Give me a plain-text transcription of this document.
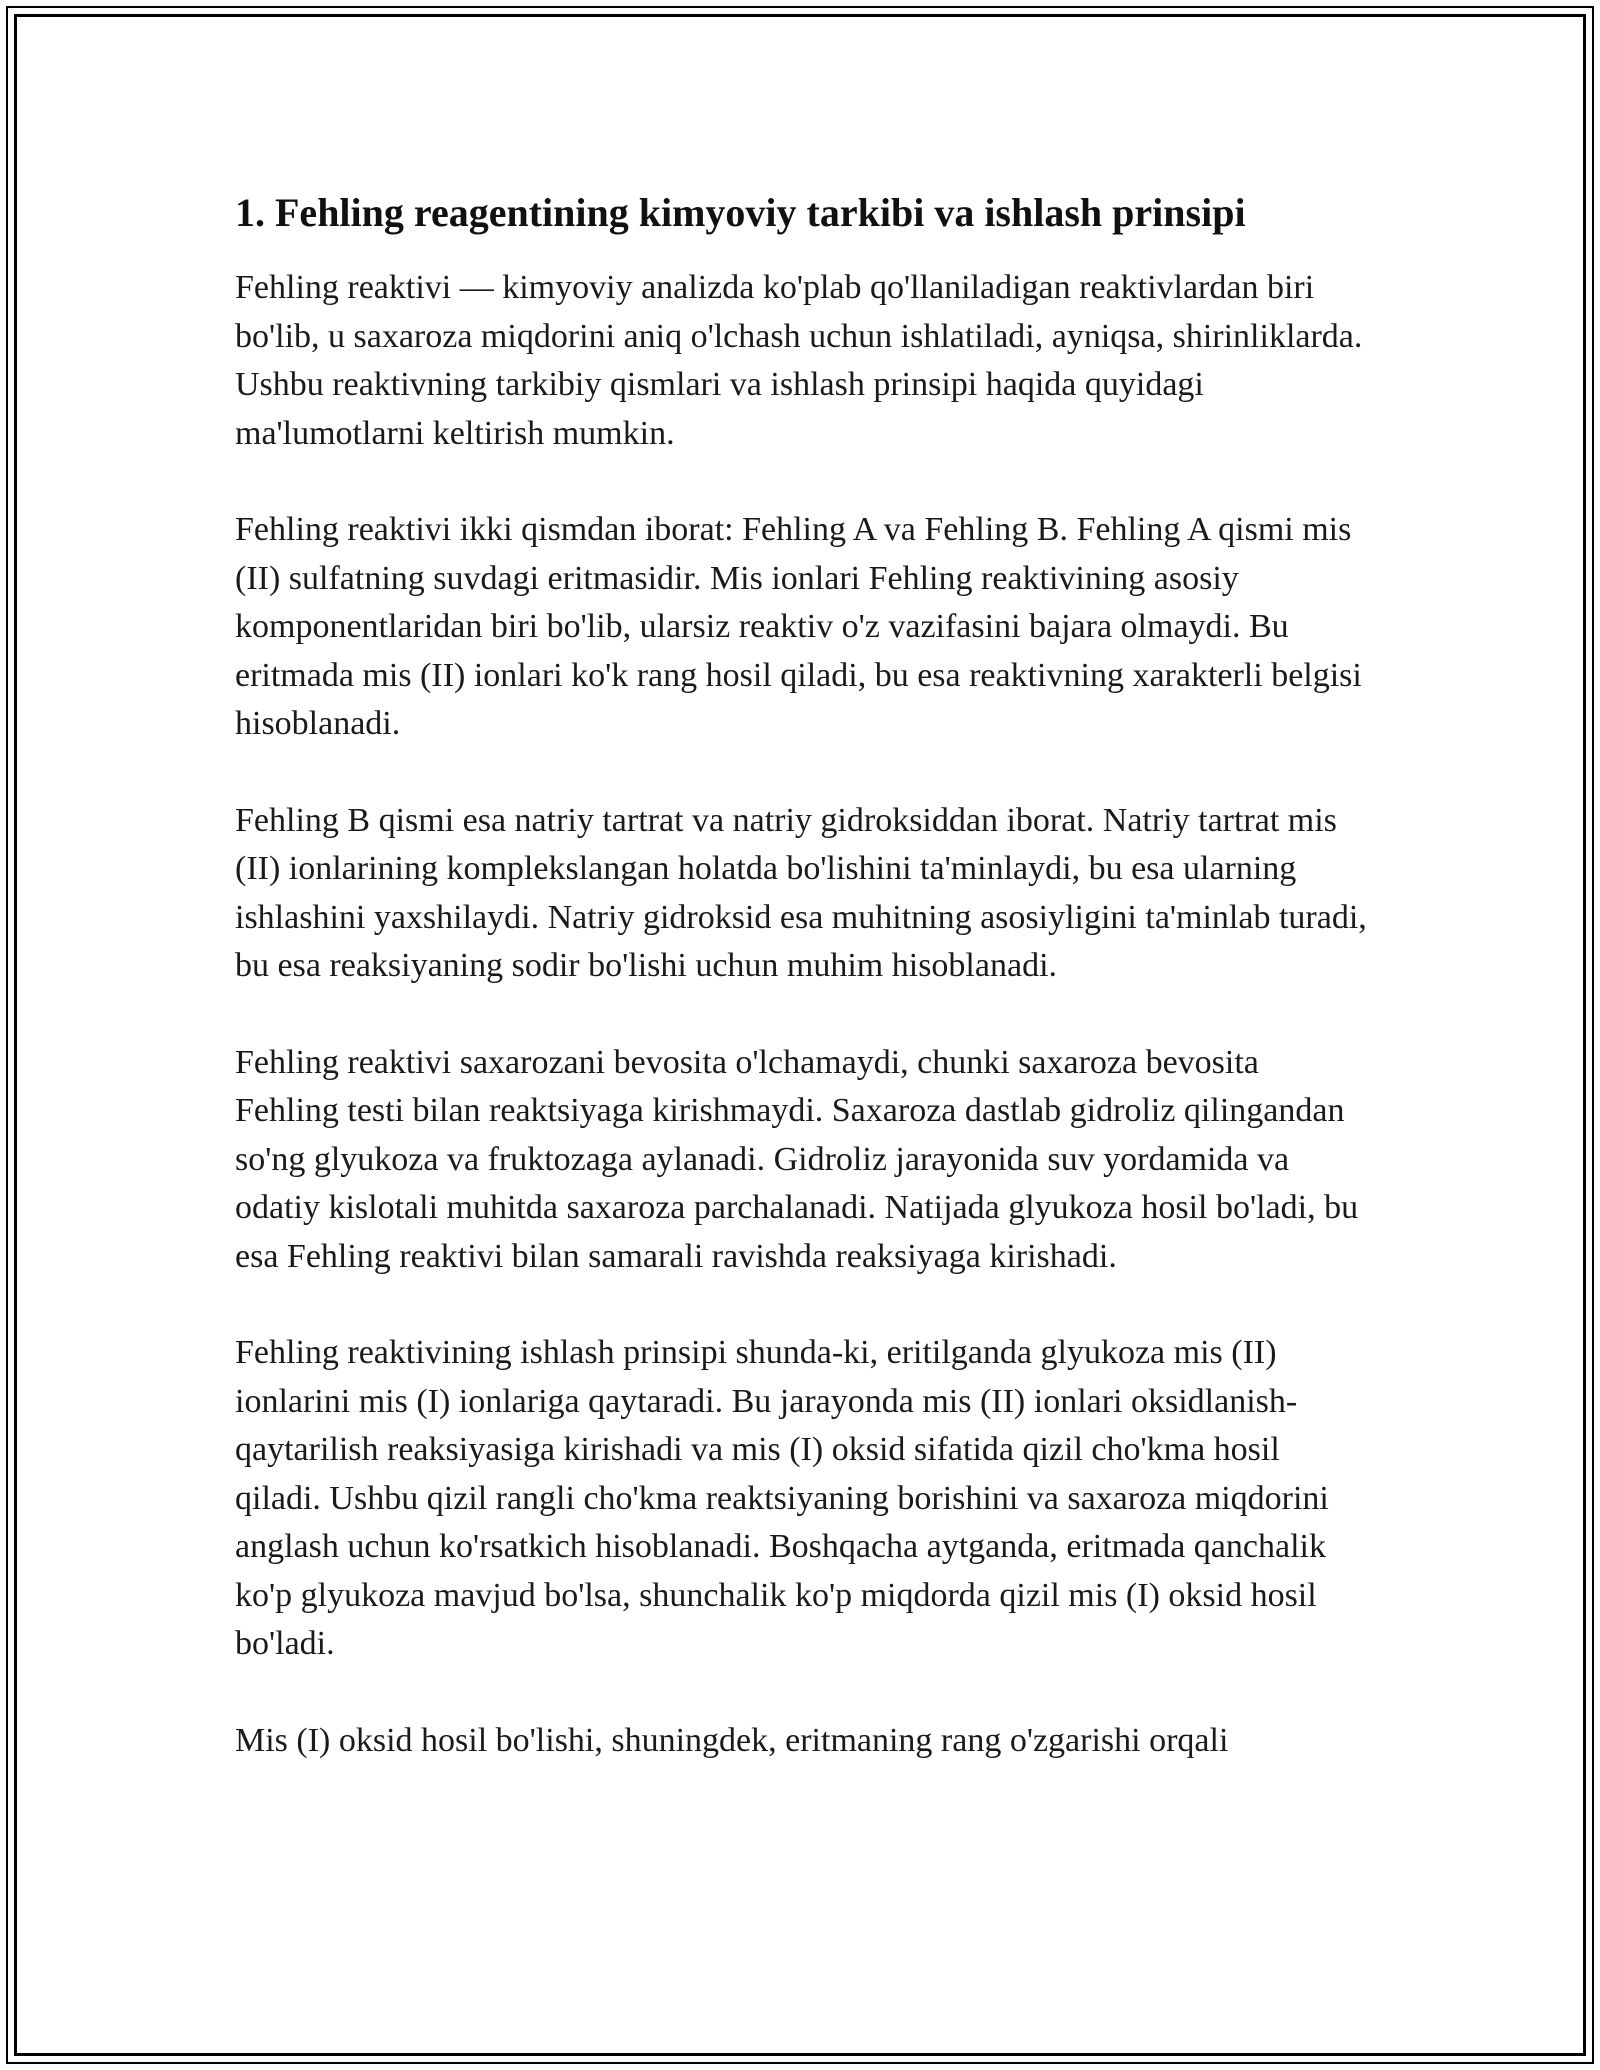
1. Fehling reagentining kimyoviy tarkibi va ishlash prinsipi

Fehling reaktivi — kimyoviy analizda ko'plab qo'llaniladigan reaktivlardan biri bo'lib, u saxaroza miqdorini aniq o'lchash uchun ishlatiladi, ayniqsa, shirinliklarda. Ushbu reaktivning tarkibiy qismlari va ishlash prinsipi haqida quyidagi ma'lumotlarni keltirish mumkin.

Fehling reaktivi ikki qismdan iborat: Fehling A va Fehling B. Fehling A qismi mis (II) sulfatning suvdagi eritmasidir. Mis ionlari Fehling reaktivining asosiy komponentlaridan biri bo'lib, ularsiz reaktiv o'z vazifasini bajara olmaydi. Bu eritmada mis (II) ionlari ko'k rang hosil qiladi, bu esa reaktivning xarakterli belgisi hisoblanadi.

Fehling B qismi esa natriy tartrat va natriy gidroksiddan iborat. Natriy tartrat mis (II) ionlarining komplekslangan holatda bo'lishini ta'minlaydi, bu esa ularning ishlashini yaxshilaydi. Natriy gidroksid esa muhitning asosiyligini ta'minlab turadi, bu esa reaksiyaning sodir bo'lishi uchun muhim hisoblanadi.

Fehling reaktivi saxarozani bevosita o'lchamaydi, chunki saxaroza bevosita Fehling testi bilan reaktsiyaga kirishmaydi. Saxaroza dastlab gidroliz qilingandan so'ng glyukoza va fruktozaga aylanadi. Gidroliz jarayonida suv yordamida va odatiy kislotali muhitda saxaroza parchalanadi. Natijada glyukoza hosil bo'ladi, bu esa Fehling reaktivi bilan samarali ravishda reaksiyaga kirishadi.

Fehling reaktivining ishlash prinsipi shunda-ki, eritilganda glyukoza mis (II) ionlarini mis (I) ionlariga qaytaradi. Bu jarayonda mis (II) ionlari oksidlanish-qaytarilish reaksiyasiga kirishadi va mis (I) oksid sifatida qizil cho'kma hosil qiladi. Ushbu qizil rangli cho'kma reaktsiyaning borishini va saxaroza miqdorini anglash uchun ko'rsatkich hisoblanadi. Boshqacha aytganda, eritmada qanchalik ko'p glyukoza mavjud bo'lsa, shunchalik ko'p miqdorda qizil mis (I) oksid hosil bo'ladi.

Mis (I) oksid hosil bo'lishi, shuningdek, eritmaning rang o'zgarishi orqali
